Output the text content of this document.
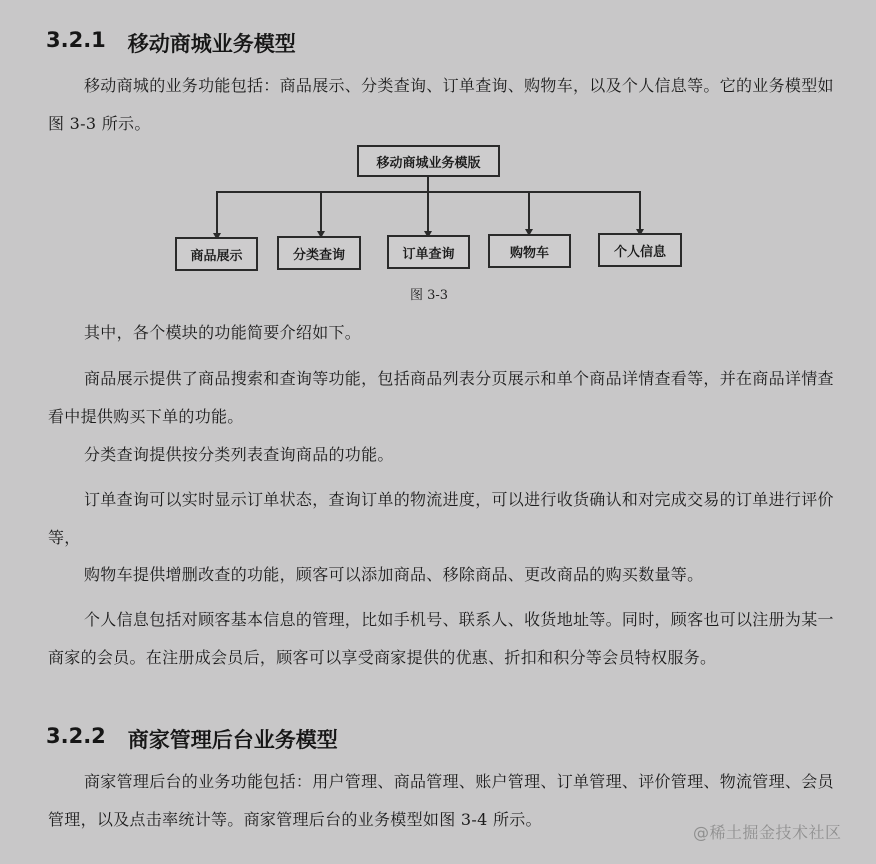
3.2.1 移动商城业务模型
移动商城的业务功能包括：商品展示、分类查询、订单查询、购物车，以及个人信息等。它的业务模型如图 3-3 所示。
移动商城业务模版
商品展示	分类查询	订单查询	购物车	个人信息
图 3-3
其中，各个模块的功能简要介绍如下。
商品展示提供了商品搜索和查询等功能，包括商品列表分页展示和单个商品详情查看等，并在商品详情查看中提供购买下单的功能。
分类查询提供按分类列表查询商品的功能。
订单查询可以实时显示订单状态，查询订单的物流进度，可以进行收货确认和对完成交易的订单进行评价等，
购物车提供增删改查的功能，顾客可以添加商品、移除商品、更改商品的购买数量等。
个人信息包括对顾客基本信息的管理，比如手机号、联系人、收货地址等。同时，顾客也可以注册为某一商家的会员。在注册成会员后，顾客可以享受商家提供的优惠、折扣和积分等会员特权服务。
3.2.2 商家管理后台业务模型
商家管理后台的业务功能包括：用户管理、商品管理、账户管理、订单管理、评价管理、物流管理、会员管理，以及点击率统计等。商家管理后台的业务模型如图 3-4 所示。
@稀土掘金技术社区
